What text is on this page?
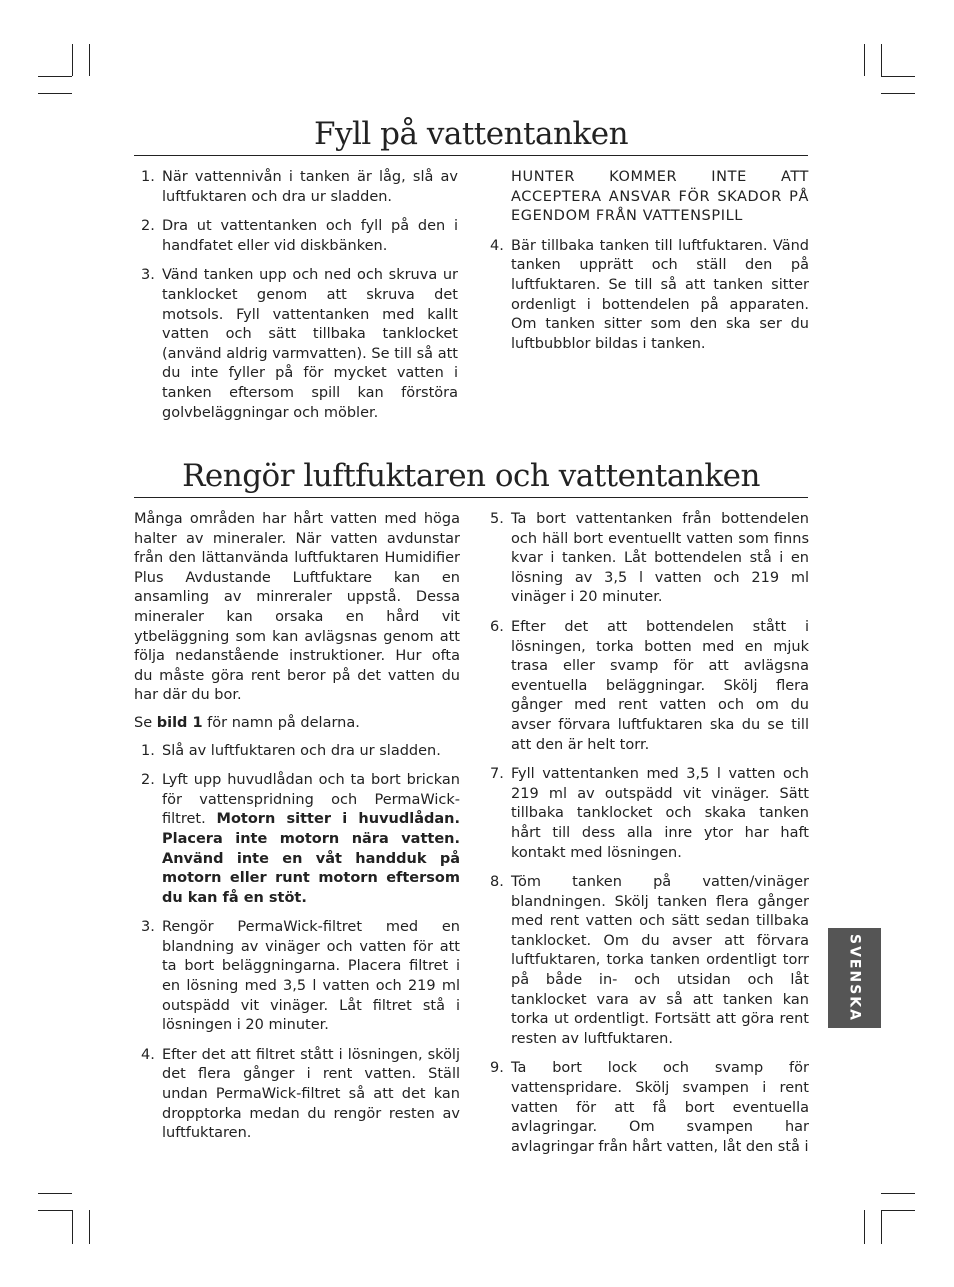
Fyll på vattentanken
1. När vattennivån i tanken är låg, slå av luftfuktaren och dra ur sladden.
2. Dra ut vattentanken och fyll på den i handfatet eller vid diskbänken.
3. Vänd tanken upp och ned och skruva ur tanklocket genom att skruva det motsols. Fyll vattentanken med kallt vatten och sätt tillbaka tanklocket (använd aldrig varmvatten). Se till så att du inte fyller på för mycket vatten i tanken eftersom spill kan förstöra golvbeläggningar och möbler.
HUNTER KOMMER INTE ATT ACCEPTERA ANSVAR FÖR SKADOR PÅ EGENDOM FRÅN VATTENSPILL
4. Bär tillbaka tanken till luftfuktaren. Vänd tanken upprätt och ställ den på luftfuktaren. Se till så att tanken sitter ordenligt i bottendelen på apparaten. Om tanken sitter som den ska ser du luftbubblor bildas i tanken.
Rengör luftfuktaren och vattentanken

Många områden har hårt vatten med höga halter av mineraler. När vatten avdunstar från den lättanvända luftfuktaren Humidifier Plus Avdustande Luftfuktare kan en ansamling av minreraler uppstå. Dessa mineraler kan orsaka en hård vit ytbeläggning som kan avlägsnas genom att följa nedanstående instruktioner. Hur ofta du måste göra rent beror på det vatten du har där du bor.

Se bild 1 för namn på delarna.

1. Slå av luftfuktaren och dra ur sladden.
2. Lyft upp huvudlådan och ta bort brickan för vattenspridning och PermaWick-filtret. Motorn sitter i huvudlådan. Placera inte motorn nära vatten. Använd inte en våt handduk på motorn eller runt motorn eftersom du kan få en stöt.
3. Rengör PermaWick-filtret med en blandning av vinäger och vatten för att ta bort beläggningarna. Placera filtret i en lösning med 3,5 l vatten och 219 ml outspädd vit vinäger. Låt filtret stå i lösningen i 20 minuter.
4. Efter det att filtret stått i lösningen, skölj det flera gånger i rent vatten. Ställ undan PermaWick-filtret så att det kan dropptorka medan du rengör resten av luftfuktaren.
5. Ta bort vattentanken från bottendelen och häll bort eventuellt vatten som finns kvar i tanken. Låt bottendelen stå i en lösning av 3,5 l vatten och 219 ml vinäger i 20 minuter.
6. Efter det att bottendelen stått i lösningen, torka botten med en mjuk trasa eller svamp för att avlägsna eventuella beläggningar. Skölj flera gånger med rent vatten och om du avser förvara luftfuktaren ska du se till att den är helt torr.
7. Fyll vattentanken med 3,5 l vatten och 219 ml av outspädd vit vinäger. Sätt tillbaka tanklocket och skaka tanken hårt till dess alla inre ytor har haft kontakt med lösningen.
8. Töm tanken på vatten/vinäger blandningen. Skölj tanken flera gånger med rent vatten och sätt sedan tillbaka tanklocket. Om du avser att förvara luftfuktaren, torka tanken ordentligt torr på både in- och utsidan och låt tanklocket vara av så att tanken kan torka ut ordentligt. Fortsätt att göra rent resten av luftfuktaren.
9. Ta bort lock och svamp för vattenspridare. Skölj svampen i rent vatten för att få bort eventuella avlagringar. Om svampen har avlagringar från hårt vatten, låt den stå i
SVENSKA
